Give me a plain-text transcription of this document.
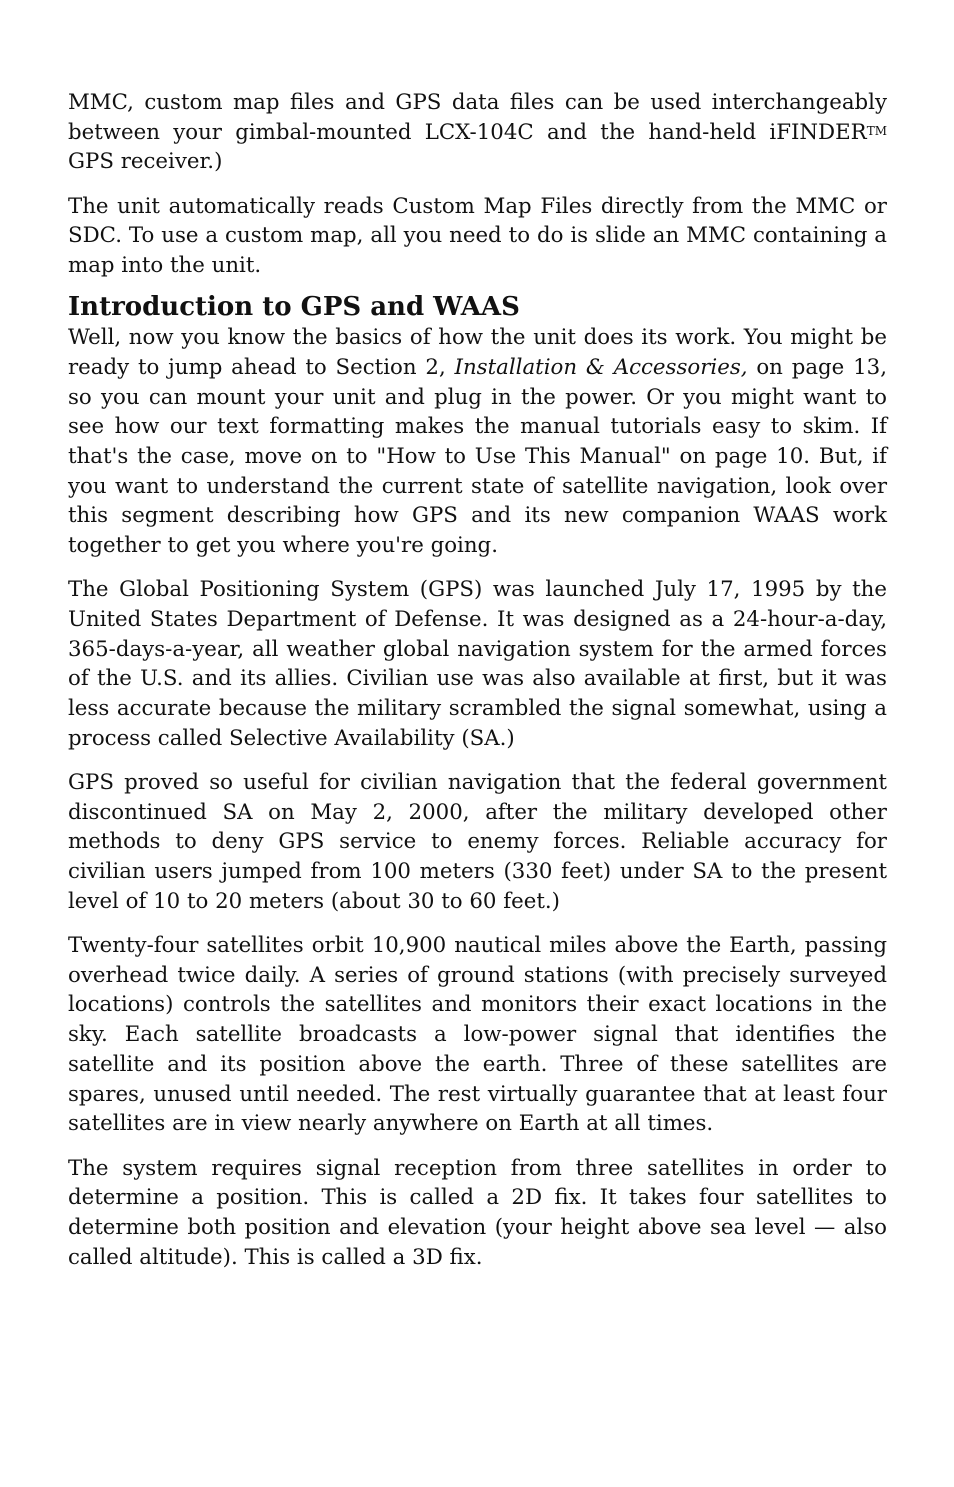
MMC, custom map files and GPS data files can be used interchangeably between your gimbal-mounted LCX-104C and the hand-held iFINDERTM GPS receiver.)

The unit automatically reads Custom Map Files directly from the MMC or SDC. To use a custom map, all you need to do is slide an MMC containing a map into the unit.

Introduction to GPS and WAAS

Well, now you know the basics of how the unit does its work. You might be ready to jump ahead to Section 2, Installation & Accessories, on page 13, so you can mount your unit and plug in the power. Or you might want to see how our text formatting makes the manual tutorials easy to skim. If that's the case, move on to "How to Use This Manual" on page 10. But, if you want to understand the current state of satellite navigation, look over this segment describing how GPS and its new companion WAAS work together to get you where you're going.

The Global Positioning System (GPS) was launched July 17, 1995 by the United States Department of Defense. It was designed as a 24-hour-a-day, 365-days-a-year, all weather global navigation system for the armed forces of the U.S. and its allies. Civilian use was also available at first, but it was less accurate because the military scrambled the signal somewhat, using a process called Selective Availability (SA.)

GPS proved so useful for civilian navigation that the federal government discontinued SA on May 2, 2000, after the military developed other methods to deny GPS service to enemy forces. Reliable accuracy for civilian users jumped from 100 meters (330 feet) under SA to the present level of 10 to 20 meters (about 30 to 60 feet.)

Twenty-four satellites orbit 10,900 nautical miles above the Earth, passing overhead twice daily. A series of ground stations (with precisely surveyed locations) controls the satellites and monitors their exact locations in the sky. Each satellite broadcasts a low-power signal that identifies the satellite and its position above the earth. Three of these satellites are spares, unused until needed. The rest virtually guarantee that at least four satellites are in view nearly anywhere on Earth at all times.

The system requires signal reception from three satellites in order to determine a position. This is called a 2D fix. It takes four satellites to determine both position and elevation (your height above sea level — also called altitude). This is called a 3D fix.
